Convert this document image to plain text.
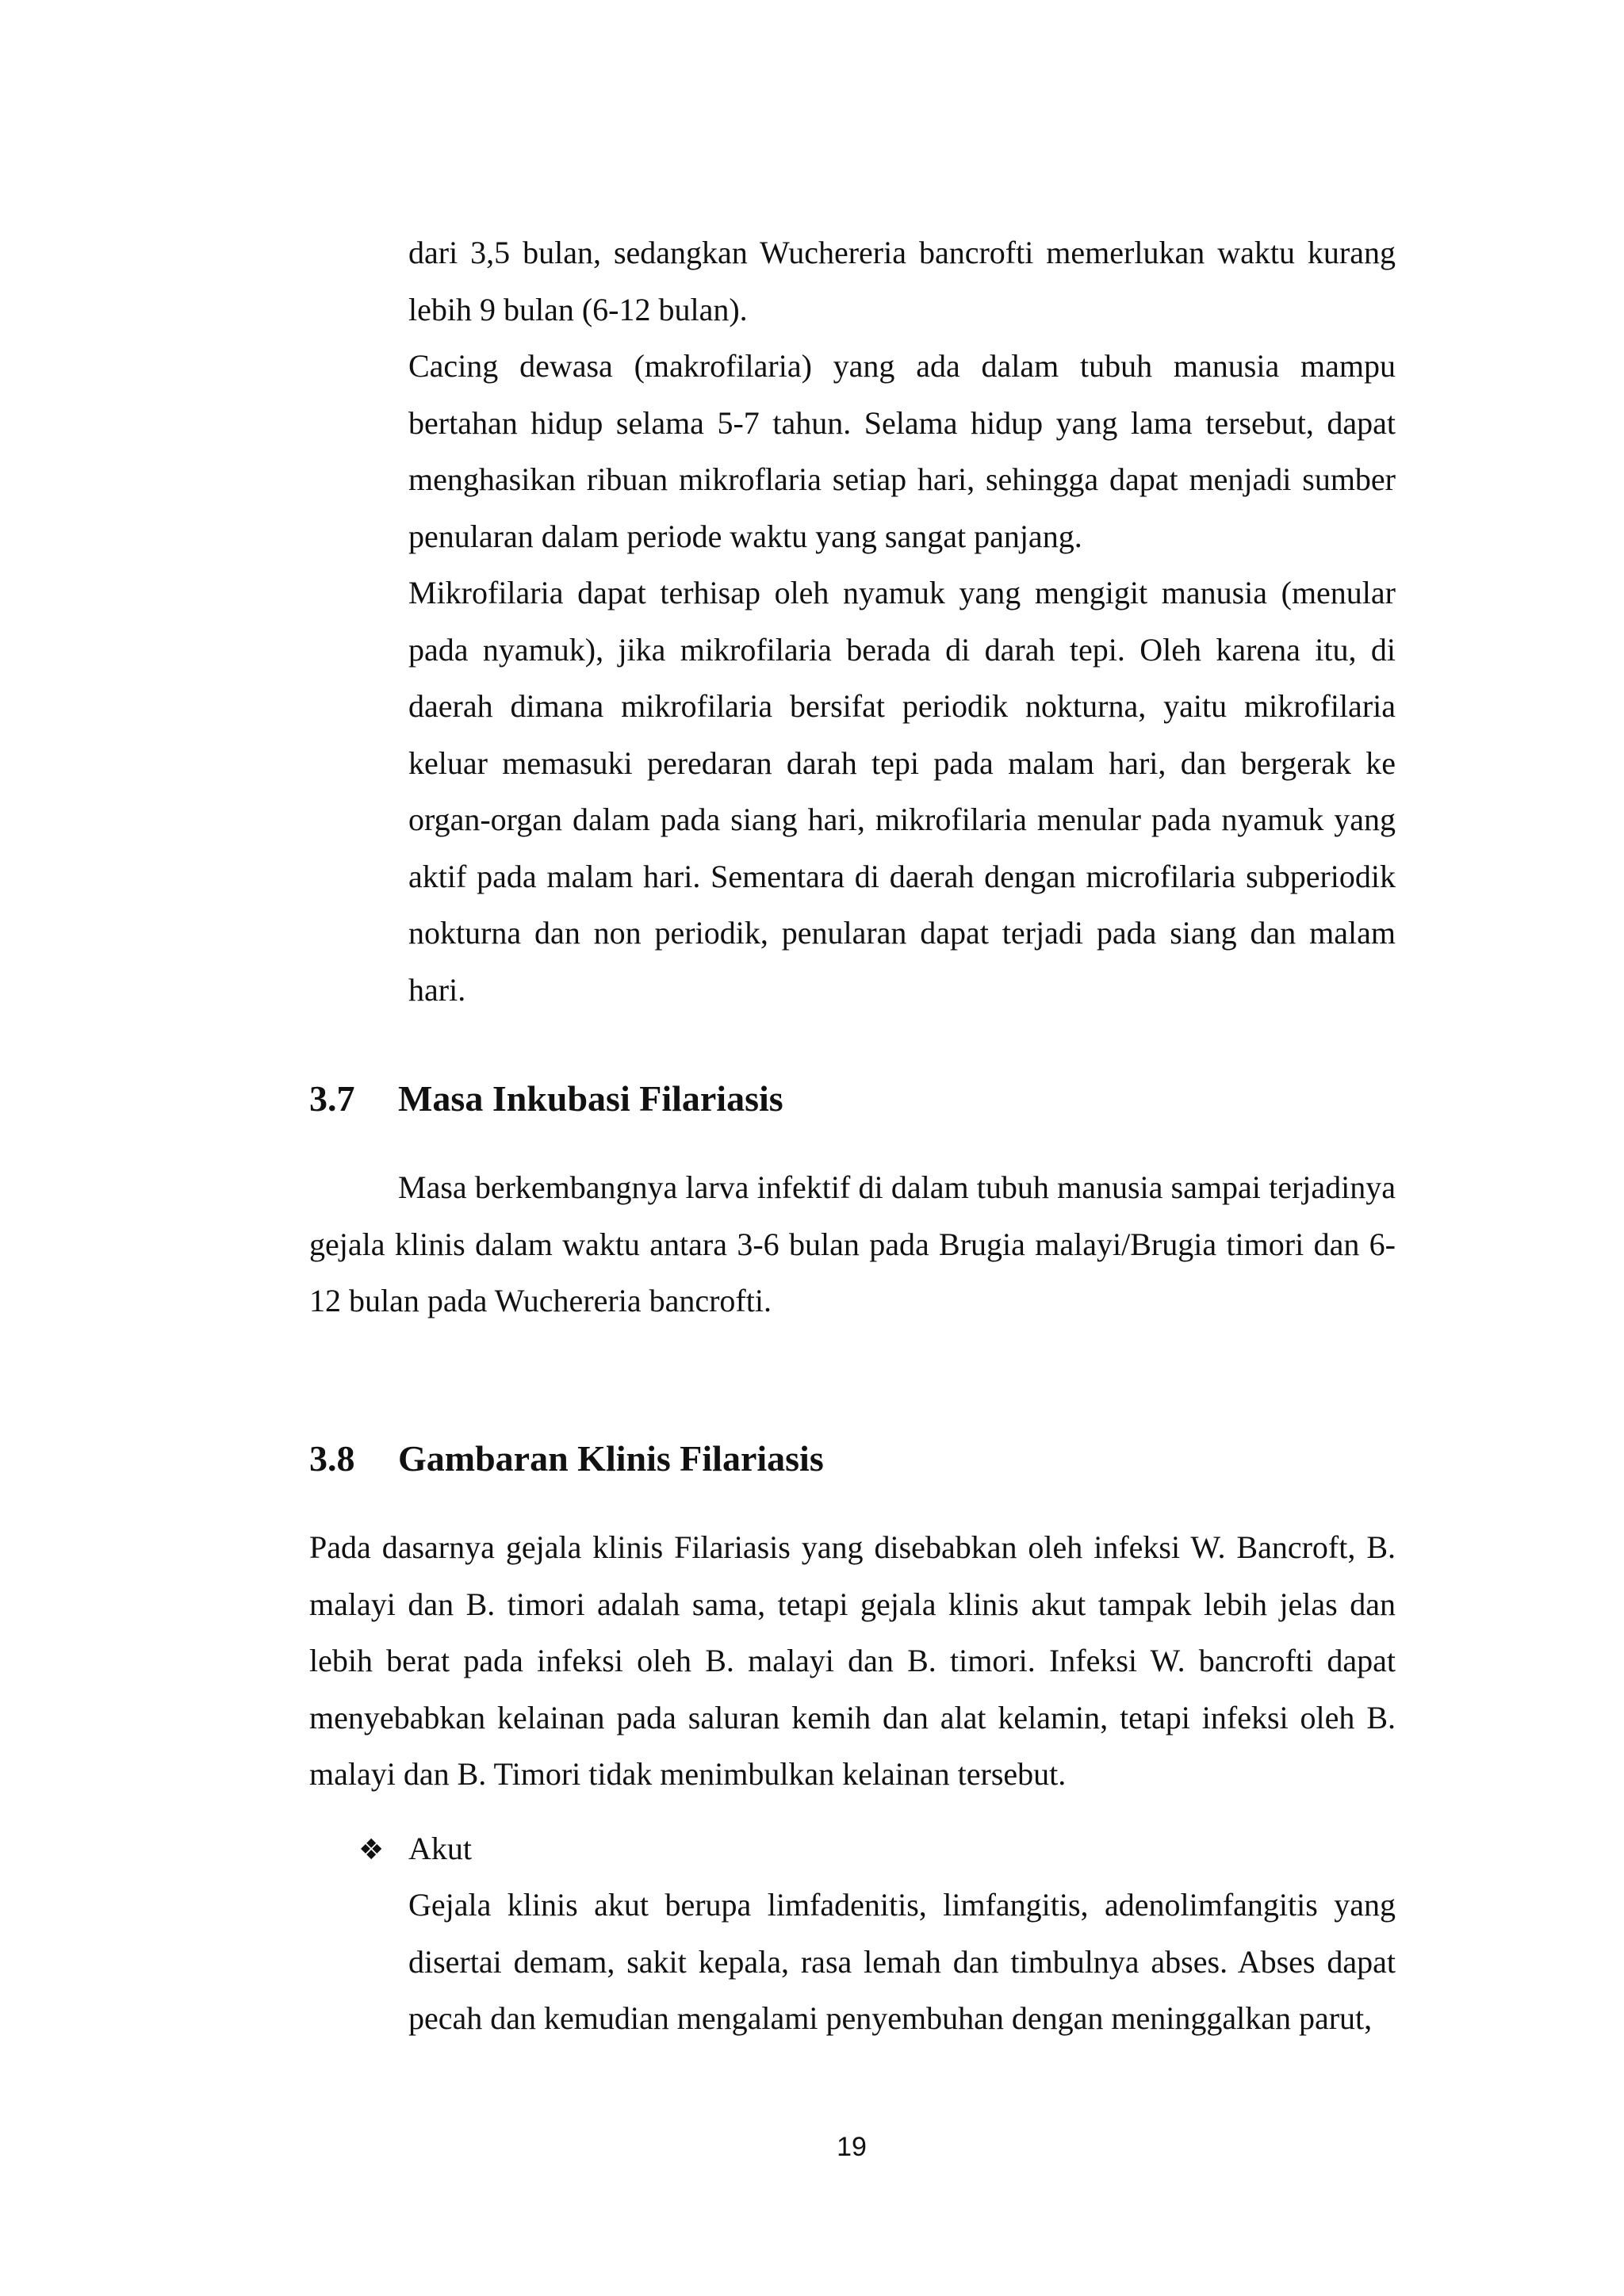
dari 3,5 bulan, sedangkan Wuchereria bancrofti memerlukan waktu kurang lebih 9 bulan (6-12 bulan).

Cacing dewasa (makrofilaria) yang ada dalam tubuh manusia mampu bertahan hidup selama 5-7 tahun. Selama hidup yang lama tersebut, dapat menghasikan ribuan mikroflaria setiap hari, sehingga dapat menjadi sumber penularan dalam periode waktu yang sangat panjang.

Mikrofilaria dapat terhisap oleh nyamuk yang mengigit manusia (menular pada nyamuk), jika mikrofilaria berada di darah tepi. Oleh karena itu, di daerah dimana mikrofilaria bersifat periodik nokturna, yaitu mikrofilaria keluar memasuki peredaran darah tepi pada malam hari, dan bergerak ke organ-organ dalam pada siang hari, mikrofilaria menular pada nyamuk yang aktif pada malam hari. Sementara di daerah dengan microfilaria subperiodik nokturna dan non periodik, penularan dapat terjadi pada siang dan malam hari.

3.7 Masa Inkubasi Filariasis

Masa berkembangnya larva infektif di dalam tubuh manusia sampai terjadinya gejala klinis dalam waktu antara 3-6 bulan pada Brugia malayi/Brugia timori dan 6-12 bulan pada Wuchereria bancrofti.

3.8 Gambaran Klinis Filariasis

Pada dasarnya gejala klinis Filariasis yang disebabkan oleh infeksi W. Bancroft, B. malayi dan B. timori adalah sama, tetapi gejala klinis akut tampak lebih jelas dan lebih berat pada infeksi oleh B. malayi dan B. timori. Infeksi W. bancrofti dapat menyebabkan kelainan pada saluran kemih dan alat kelamin, tetapi infeksi oleh B. malayi dan B. Timori tidak menimbulkan kelainan tersebut.

❖ Akut

Gejala klinis akut berupa limfadenitis, limfangitis, adenolimfangitis yang disertai demam, sakit kepala, rasa lemah dan timbulnya abses. Abses dapat pecah dan kemudian mengalami penyembuhan dengan meninggalkan parut,

19
